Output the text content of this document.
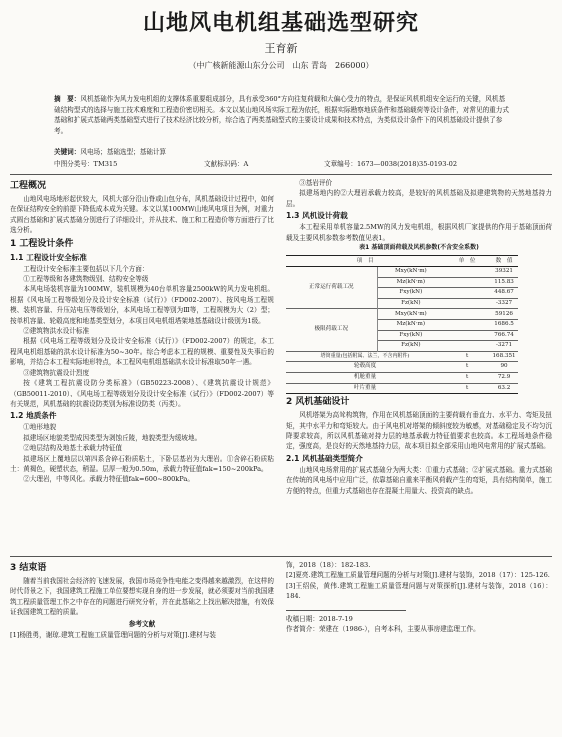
山地风电机组基础选型研究
王育新
（中广核新能源山东分公司　山东 青岛　266000）
摘　要：风机基础作为风力发电机组的支撑体系重要组成部分，具有承受360°方向往复荷载和大偏心受力的特点，是保证风机机组安全运行的关键，风机基础结构型式的选择与施工技术难度和工程造价密切相关。本文以某山地风场实际工程为依托，根据实际勘察地质条件和基础载荷等设计条件，对常见的重力式基础和扩展式基础两类基础型式进行了技术经济比较分析，综合选了两类基础型式的主要设计成果和技术特点，为类似设计条件下的风机基础设计提供了参考。
关键词：风电场；基础选型；基础计算
中图分类号：TM315	文献标识码：A	文章编号：1673—0038(2018)35-0193-02
工程概况

山地风电场地形起伏较大，风机大部分沿山脊或山包分布，风机基础设计过程中，如何在保证结构安全的前提下降低成本成为关键。本文以某100MW山地风电项目为例，对重力式圆台基础和扩展式基础分别进行了详细设计，并从技术、施工和工程造价等方面进行了比选分析。

1 工程设计条件
1.1 工程设计安全标准

工程设计安全标准主要包括以下几个方面：

①工程等级和各建筑物级别、结构安全等级

本风电场装机容量为100MW，装机规模为40台单机容量2500kW的风力发电机组。根据《风电场工程等级划分及设计安全标准（试行）》（FD002-2007）、按风电场工程规模、装机容量、升压站电压等级划分，本风电场工程等别为Ⅲ等，工程规模为大（2）型；按单机容量、轮毂高度和地基类型划分，本项目风电机组塔架地基基础设计级别为1级。

②建筑物洪水设计标准

根据《风电场工程等级划分及设计安全标准（试行）》（FD002-2007）的规定，本工程风电机组基础的洪水设计标准为50~30年。综合考虑本工程的规模、重要性及失事后的影响，并结合本工程实际地形特点，本工程风电机组基础洪水设计标准取50年一遇。

③建筑物抗震设计烈度

按《建筑工程抗震设防分类标准》（GB50223-2008）、《建筑抗震设计规范》（GB50011-2010）、《风电场工程等级划分及设计安全标准（试行）》（FD002-2007）等有关规范，风机基础的抗震设防类别为标准设防类（丙类）。

1.2 地质条件

①地形地貌

拟建场区地貌类型成因类型为剥蚀丘陵，地貌类型为缓坡地。

②地层结构及地基土承载力特征值

拟建场区上覆地层以第四系含碎石粉质粘土，下卧层基岩为大理岩。①含碎石粉质粘土：黄褐色，硬塑状态，稍湿。层厚一般为0.50m，承载力特征值fak=150~200kPa。

②大理岩，中等风化。承载力特征值fak=600~800kPa。

③基岩评价

拟建场地内的②大理岩承载力较高，是较好的风机基础及拟建建筑物的天然地基持力层。

1.3 风机设计荷载

本工程采用单机容量2.5MW的风力发电机组，根据风机厂家提供的作用于基础顶面荷载及主要风机参数参考数值见表1。

表1 基础顶面荷载及风机参数(不含安全系数)
项　目		单　位	数　值
正常运行荷载工况	Mxy(kN·m)		39321
	Mz(kN·m)		115.83
	Fxy(kN)		448.67
	Fz(kN)		-3327
极限荷载工况	Mxy(kN·m)		59126
	Mz(kN·m)		1686.5
	Fxy(kN)		766.74
	Fz(kN)		-3271
塔筒重量(包括附属、法兰，不含内附件)		t	168.351
轮毂高度		t	90
机舱重量		t	72.9
叶片重量		t	63.2
2 风机基础设计

风机塔架为高耸构筑物，作用在风机基础顶面的主要荷载有垂直力、水平力、弯矩及扭矩，其中水平力和弯矩较大。由于风电机对塔架的倾斜度较为敏感，对基础稳定及不均匀沉降要求较高，所以风机基础对持力层的地基承载力特征值要求也较高。本工程场地条件稳定，强度高，是良好的天然地基持力层，故本项目拟全部采用山地风电常用的扩展式基础。

2.1 风机基础类型简介

山地风电场常用的扩展式基础分为两大类：①重力式基础；②扩展式基础。重力式基础在传统的风电场中应用广泛，依靠基础自重来平衡风荷载产生的弯矩，具有结构简单，施工方便的特点，但重力式基础也存在混凝土用量大、投资高的缺点。

3 结束语

随着当前我国社会经济的飞速发展，我国市场竞争性电能之变得越来越激烈，在这样的时代背景之下，我国建筑工程施工单位要想实现自身的进一步发展，就必须要对当前我国建筑工程质量管理工作之中存在的问题进行研究分析，并在此基础之上找出解决措施，有效保证我国建筑工程的质量。

参考文献

[1]杨胜勇，谢琼.建筑工程施工质量管理问题的分析与对策[J].建材与装

饰，2018（18）：182-183.

[2]夏亮.建筑工程施工质量管理问题的分析与对策[J].建材与装饰，2018（17）：125-126.

[3]王绍侯，黄伟.建筑工程施工质量管理问题与对策探析[J].建材与装饰，2018（16）：184.

收稿日期：2018-7-19

作者简介：荣建在（1986-），自考本科，主要从事房建监理工作。
